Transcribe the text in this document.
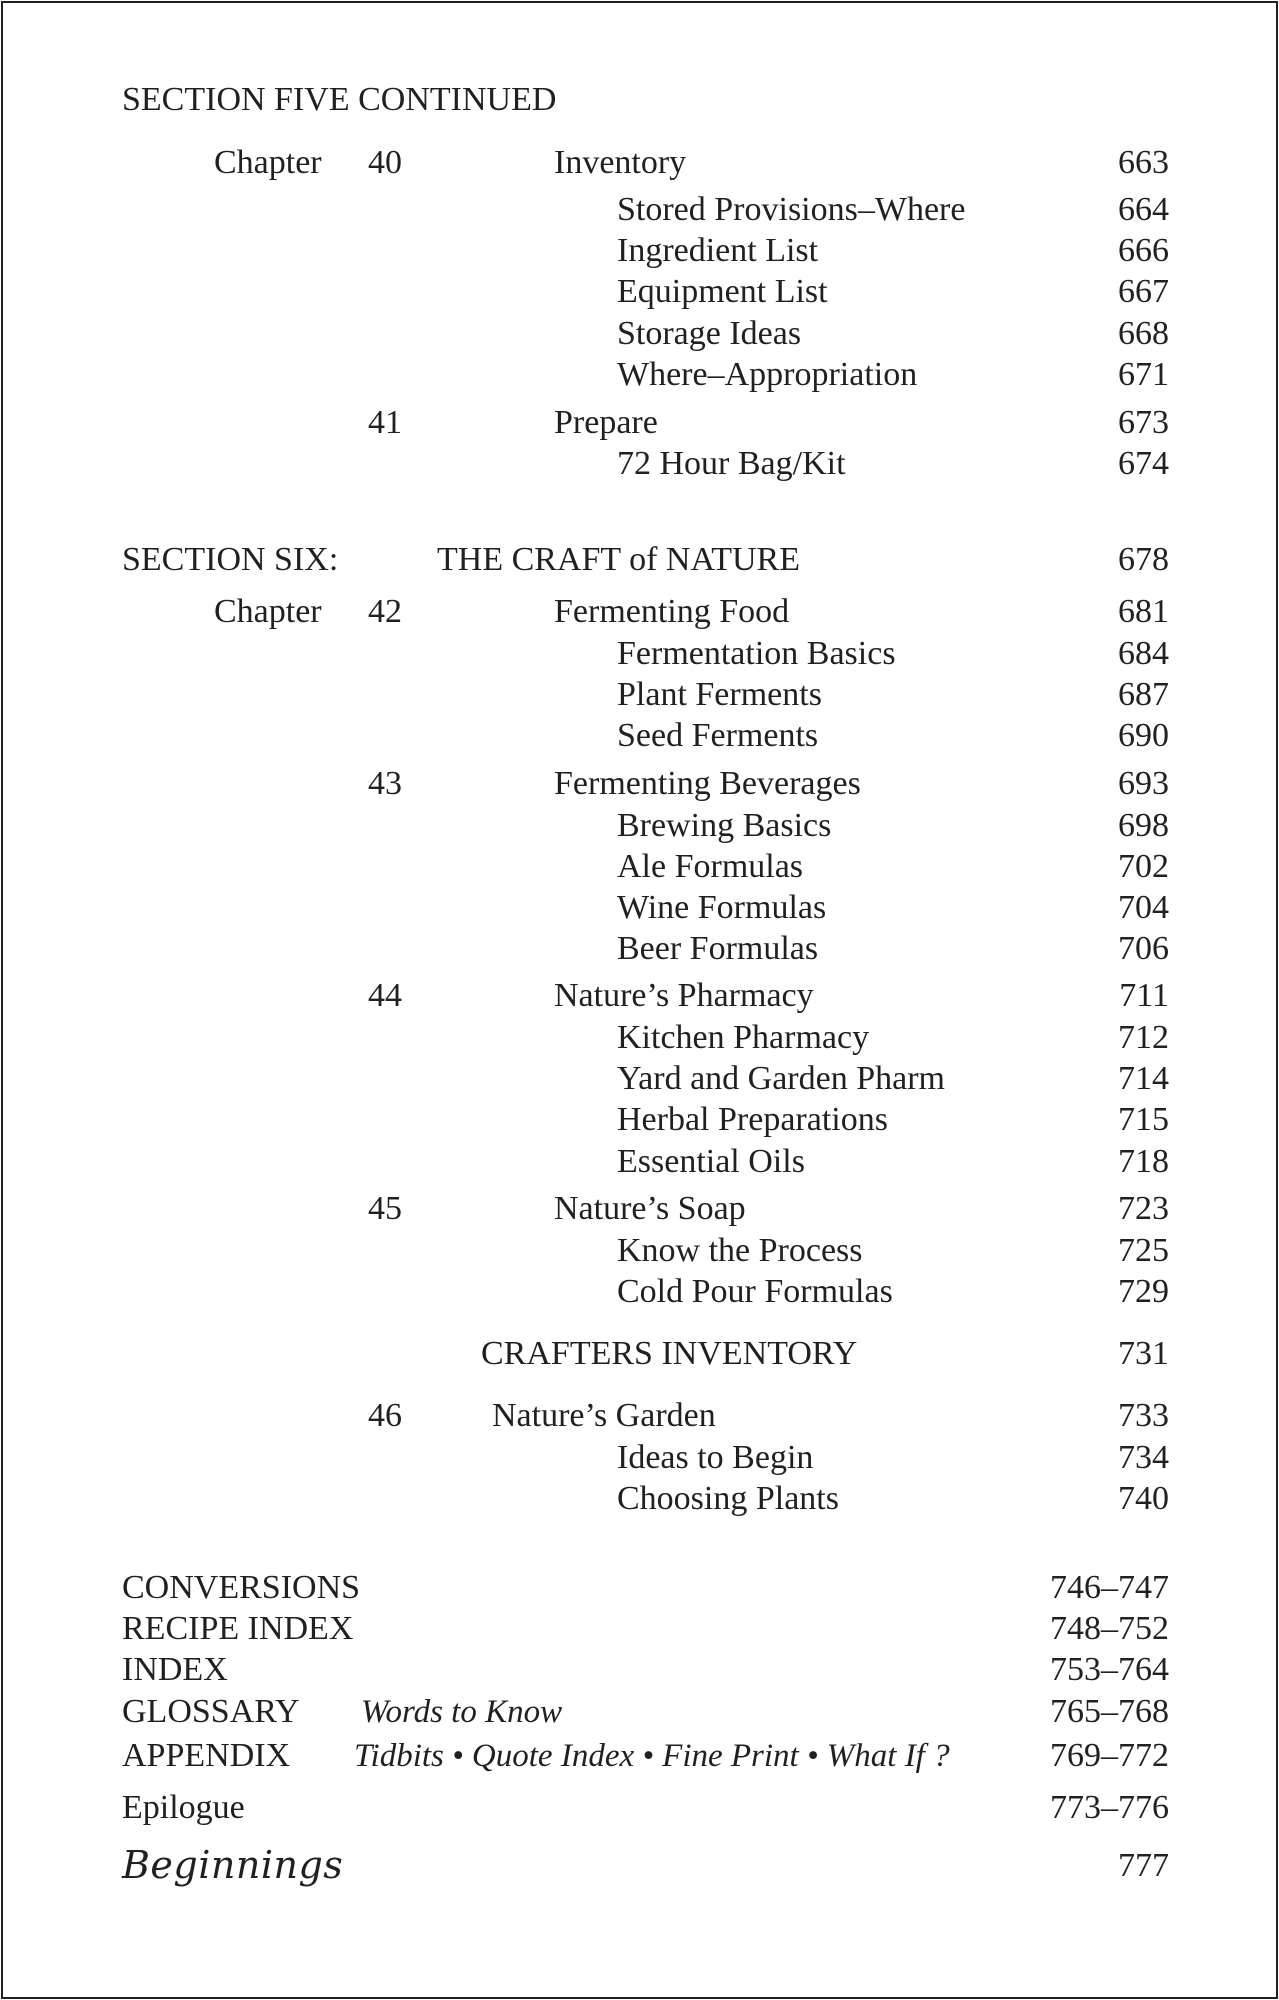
SECTION FIVE CONTINUED
Chapter 40	Inventory	663
Stored Provisions–Where	664
Ingredient List	666
Equipment List	667
Storage Ideas	668
Where–Appropriation	671
41	Prepare	673
72 Hour Bag/Kit	674
SECTION SIX:	THE CRAFT of NATURE	678
Chapter 42	Fermenting Food	681
Fermentation Basics	684
Plant Ferments	687
Seed Ferments	690
43	Fermenting Beverages	693
Brewing Basics	698
Ale Formulas	702
Wine Formulas	704
Beer Formulas	706
44	Nature’s Pharmacy	711
Kitchen Pharmacy	712
Yard and Garden Pharm	714
Herbal Preparations	715
Essential Oils	718
45	Nature’s Soap	723
Know the Process	725
Cold Pour Formulas	729
CRAFTERS INVENTORY	731
46	Nature’s Garden	733
Ideas to Begin	734
Choosing Plants	740
CONVERSIONS	746–747
RECIPE INDEX	748–752
INDEX	753–764
GLOSSARY Words to Know	765–768
APPENDIX Tidbits • Quote Index • Fine Print • What If ?	769–772
Epilogue	773–776
Beginnings	777
